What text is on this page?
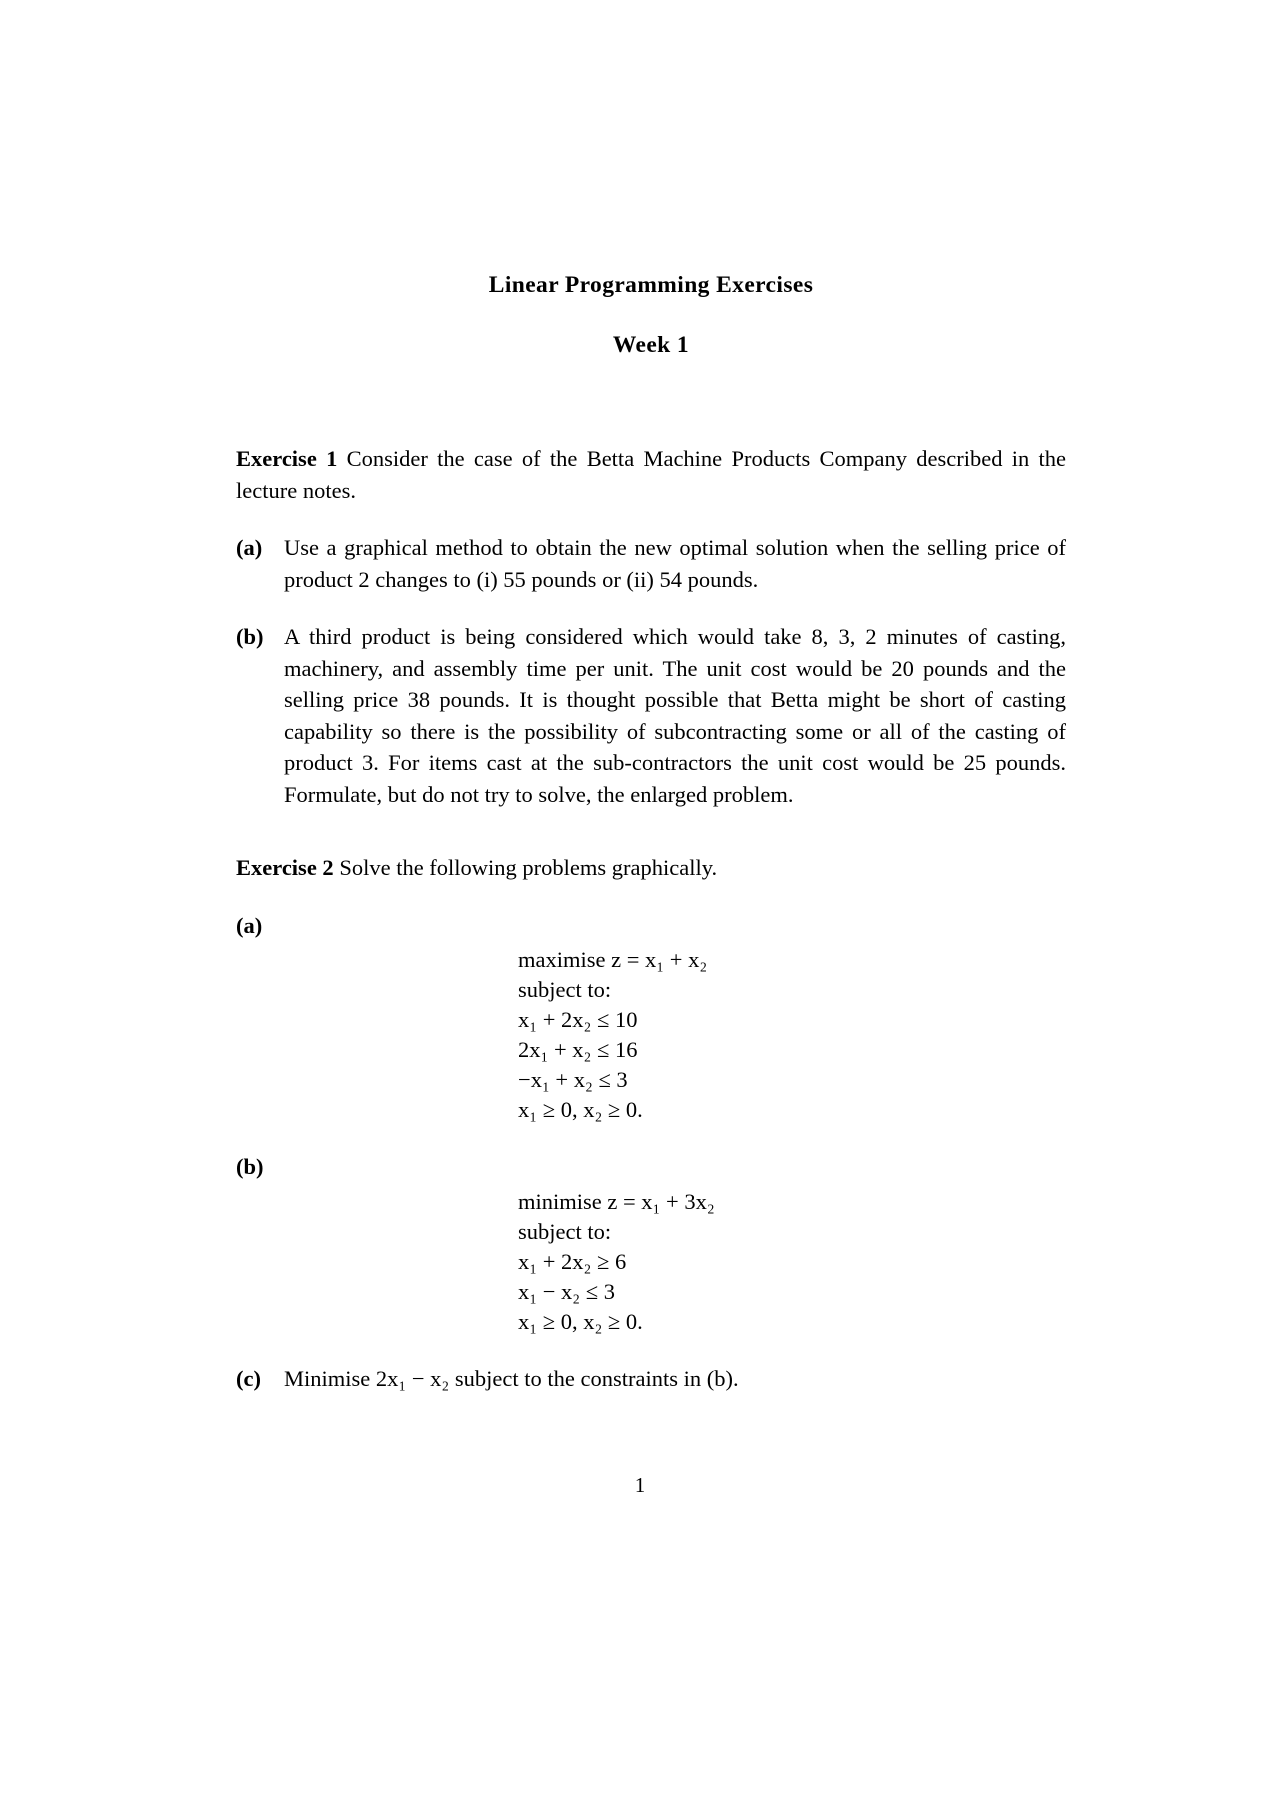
Linear Programming Exercises
Week 1
Exercise 1 Consider the case of the Betta Machine Products Company described in the lecture notes.
(a) Use a graphical method to obtain the new optimal solution when the selling price of product 2 changes to (i) 55 pounds or (ii) 54 pounds.
(b) A third product is being considered which would take 8, 3, 2 minutes of casting, machinery, and assembly time per unit. The unit cost would be 20 pounds and the selling price 38 pounds. It is thought possible that Betta might be short of casting capability so there is the possibility of subcontracting some or all of the casting of product 3. For items cast at the sub-contractors the unit cost would be 25 pounds. Formulate, but do not try to solve, the enlarged problem.
Exercise 2 Solve the following problems graphically.
(a)
maximise z = x₁ + x₂
subject to:
x₁ + 2x₂ ≤ 10
2x₁ + x₂ ≤ 16
−x₁ + x₂ ≤ 3
x₁ ≥ 0, x₂ ≥ 0.
(b)
minimise z = x₁ + 3x₂
subject to:
x₁ + 2x₂ ≥ 6
x₁ − x₂ ≤ 3
x₁ ≥ 0, x₂ ≥ 0.
(c)	Minimise 2x₁ − x₂ subject to the constraints in (b).
1
